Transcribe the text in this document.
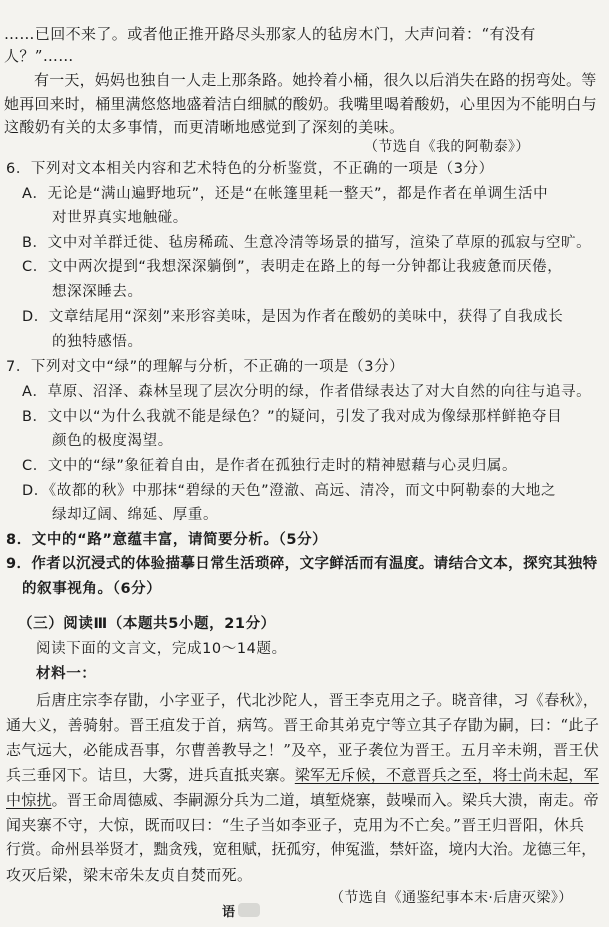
……已回不来了。或者他正推开路尽头那家人的毡房木门，大声问着：“有没有
人？”……
有一天，妈妈也独自一人走上那条路。她拎着小桶，很久以后消失在路的拐弯处。等
她再回来时，桶里满悠悠地盛着洁白细腻的酸奶。我嘴里喝着酸奶，心里因为不能明白与
这酸奶有关的太多事情，而更清晰地感觉到了深刻的美味。
（节选自《我的阿勒泰》）
6．下列对文本相关内容和艺术特色的分析鉴赏，不正确的一项是（3分）
A．无论是“满山遍野地玩”，还是“在帐篷里耗一整天”，都是作者在单调生活中
对世界真实地触碰。
B．文中对羊群迁徙、毡房稀疏、生意冷清等场景的描写，渲染了草原的孤寂与空旷。
C．文中两次提到“我想深深躺倒”，表明走在路上的每一分钟都让我疲惫而厌倦，
想深深睡去。
D．文章结尾用“深刻”来形容美味，是因为作者在酸奶的美味中，获得了自我成长
的独特感悟。
7．下列对文中“绿”的理解与分析，不正确的一项是（3分）
A．草原、沼泽、森林呈现了层次分明的绿，作者借绿表达了对大自然的向往与追寻。
B．文中以“为什么我就不能是绿色？”的疑问，引发了我对成为像绿那样鲜艳夺目
颜色的极度渴望。
C．文中的“绿”象征着自由，是作者在孤独行走时的精神慰藉与心灵归属。
D．《故都的秋》中那抹“碧绿的天色”澄澈、高远、清冷，而文中阿勒泰的大地之
绿却辽阔、绵延、厚重。
8．文中的“路”意蕴丰富，请简要分析。（5分）
9．作者以沉浸式的体验描摹日常生活琐碎，文字鲜活而有温度。请结合文本，探究其独特
的叙事视角。（6分）
（三）阅读Ⅲ（本题共5小题，21分）
阅读下面的文言文，完成10～14题。
材料一：
后唐庄宗李存勖，小字亚子，代北沙陀人，晋王李克用之子。晓音律，习《春秋》，
通大义，善骑射。晋王疽发于首，病笃。晋王命其弟克宁等立其子存勖为嗣，曰：“此子
志气远大，必能成吾事，尔曹善教导之！”及卒，亚子袭位为晋王。五月辛未朔，晋王伏
兵三垂冈下。诘旦，大雾，进兵直抵夹寨。梁军无斥候，不意晋兵之至，将士尚未起，军
中惊扰。晋王命周德威、李嗣源分兵为二道，填堑烧寨，鼓噪而入。梁兵大溃，南走。帝
闻夹寨不守，大惊，既而叹曰：“生子当如李亚子，克用为不亡矣。”晋王归晋阳，休兵
行赏。命州县举贤才，黜贪残，宽租赋，抚孤穷，伸冤滥，禁奸盗，境内大治。龙德三年，
攻灭后梁，梁末帝朱友贞自焚而死。
（节选自《通鉴纪事本末·后唐灭梁》）
语
